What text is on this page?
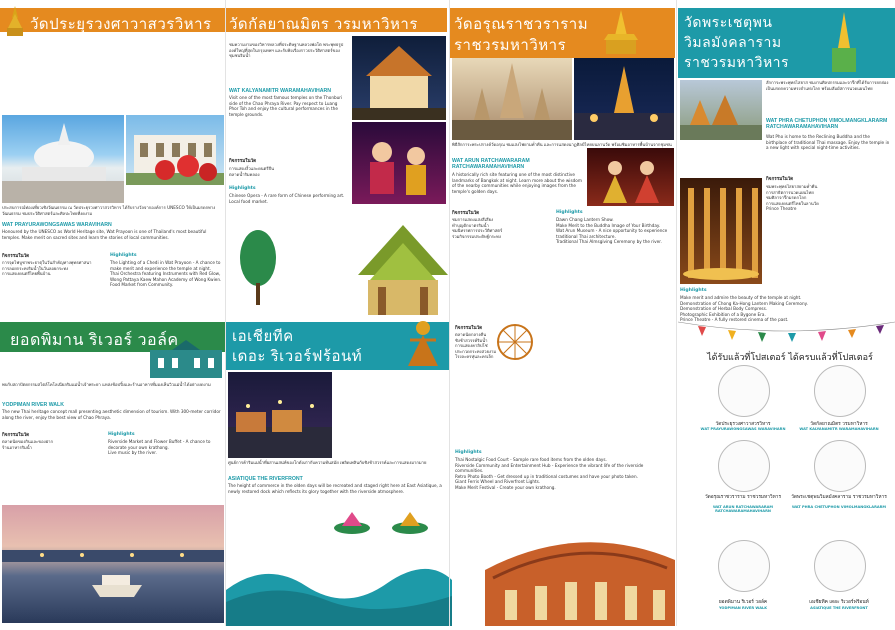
วัดประยุรวงศาวาสวรวิหาร
ประสบการณ์ท่องเที่ยวเชิงวัฒนธรรม ณ วัดประยุรวงศาวาสวรวิหาร ได้รับรางวัลจากองค์การ UNESCO ให้เป็นมรดกทางวัฒนธรรม ชมประวัติศาสตร์และศิลปะไทยที่งดงาม
WAT PRAYURAWONGSAWAS WARAVIHARN
Honoured by the UNESCO as World Heritage site, Wat Prayoon is one of Thailand's most beautiful temples. Make merit on sacred sites and learn the stories of local communities.
กิจกรรมในวัด
การจุดไฟบูชาพระธาตุในวันสำคัญทางพุทธศาสนา
การลอยกระทงริมน้ำในวันลอยกระทง
การแสดงดนตรีไทยพื้นบ้าน
Highlights
The Lighting of a Chedi in Wat Prayoon - A chance to make merit and experience the temple at night.
Thai Orchestra featuring Instruments with Red Glow, Wong Pattaya Kaew Mahon Academy of Wong Kwien.
Food Market from Community.
วัดกัลยาณมิตร วรมหาวิหาร
ชมความงามของวิหารหลวงที่ประดิษฐานหลวงพ่อโต พระพุทธรูปองค์ใหญ่ที่สุดในกรุงเทพฯ และรับฟังเรื่องราวประวัติศาสตร์ของชุมชนริมน้ำ
WAT KALYANAMITR WARAMAHAVIHARN
Visit one of the most famous temples on the Thonburi side of the Chao Phraya River. Pay respect to Luang Phor Toh and enjoy the cultural performances in the temple grounds.
กิจกรรมในวัด
การแสดงงิ้วและดนตรีจีน
ตลาดน้ำริมคลอง
Highlights
Chinese Opera - A rare form of Chinese performing art.
Local food market.
วัดอรุณราชวราราม
ราชวรมหาวิหาร
พิธีสักการะพระปรางค์วัดอรุณ ชมแสงไฟยามค่ำคืน และการแสดงนาฏศิลป์ไทยบนลานวัด พร้อมชิมอาหารพื้นบ้านจากชุมชน
WAT ARUN RATCHAWARARAM RATCHAWARAMAHAVIHARN
A historically rich site featuring one of the most distinctive landmarks of Bangkok at night. Learn more about the wisdom of the nearby communities while enjoying images from the temple's golden days.
กิจกรรมในวัด
ชมการแสดงแสงสีเสียง
ทำบุญตักบาตรริมน้ำ
ชมนิทรรศการประวัติศาสตร์
ร่วมกิจกรรมประดิษฐ์กระทง
Highlights
Dawn Chang Lantern Show.
Make Merit to the Buddha Image of Your Birthday.
Wat Arun Museum - A nice opportunity to experience traditional Thai architecture.
Traditional Thai Almsgiving Ceremony by the river.
วัดพระเชตุพน
วิมลมังคลาราม
ราชวรมหาวิหาร
สักการะพระพุทธไสยาส ชมงานศิลปกรรมและจารึกที่ได้รับการยกย่องเป็นมรดกความทรงจำแห่งโลก พร้อมสัมผัสการนวดแผนไทย
WAT PHRA CHETUPHON VIMOLMANGKLARARM RATCHAWARAMAHAVIHARN
Wat Pho is home to the Reclining Buddha and the birthplace of traditional Thai massage. Enjoy the temple in a new light with special night-time activities.
กิจกรรมในวัด
ชมพระพุทธไสยาสยามค่ำคืน
การสาธิตการนวดแผนไทย
ชมศิลาจารึกมรดกโลก
การแสดงดนตรีไทยในลานวัด
Prince Theatre
Highlights
Make merit and admire the beauty of the temple at night.
Demonstration of Chong Ka-Hong Lantern Making Ceremony.
Demonstration of Herbal Body Compress.
Photographic Exhibition of a Bygone Era.
Prince Theatre - A fully restored cinema of the past.
ยอดพิมาน ริเวอร์ วอล์ค
พบกับสถาปัตยกรรมสไตล์โคโลเนียลริมแม่น้ำเจ้าพระยา แหล่งช้อปปิ้งและร้านอาหารที่มองเห็นวิวแม่น้ำได้อย่างงดงาม
YODPIMAN RIVER WALK
The new Thai heritage concept mall presenting aesthetic dimension of tourism. With 300-meter corridor along the river, enjoy the best view of Chao Phraya.
กิจกรรมในวัด
ตลาดนัดของกินและของฝาก
ร้านอาหารริมน้ำ
Highlights
Riverside Market and Flower Buffet - A chance to decorate your own krathong.
Live music by the river.
เอเชียทีค
เดอะ ริเวอร์ฟร้อนท์
ศูนย์การค้าริมแม่น้ำที่ผสานเสน่ห์ของโกดังเก่ากับความทันสมัย เพลิดเพลินกับชิงช้าสวรรค์และการแสดงมากมาย
ASIATIQUE THE RIVERFRONT
The height of commerce in the olden days will be recreated and staged right here at East Asiatique, a newly restored dock which reflects its glory together with the riverside atmosphere.
กิจกรรมในวัด
ตลาดนัดกลางคืน
ชิงช้าสวรรค์ริมน้ำ
การแสดงคาลิปโซ่
ประกวดกระทงสวยงาม
โรงละครหุ่นละครเล็ก
Highlights
Thai Nostalgic Food Court - Sample rare food items from the olden days.
Riverside Community and Entertainment Hub - Experience the vibrant life of the riverside communities.
Retro Photo Booth - Get dressed up in traditional costumes and have your photo taken.
Giant Ferris Wheel and Riverfront Lights.
Make Merit Festival - Create your own krathong.
ได้รับแล้วที่โปสเตอร์ ได้ครบแล้วที่โปสเตอร์
วัดประยุรวงศาวาสวรวิหาร
WAT PRAYURAWONGSAWAS WARAVIHARN
วัดกัลยาณมิตร วรมหาวิหาร
WAT KALYANAMITR WARAMAHAVIHARN
วัดอรุณราชวราราม ราชวรมหาวิหาร
WAT ARUN RATCHAWARARAM RATCHAWARAMAHAVIHARN
วัดพระเชตุพนวิมลมังคลาราม ราชวรมหาวิหาร
WAT PHRA CHETUPHON VIMOLMANGKLARARM
ยอดพิมาน ริเวอร์ วอล์ค
YODPIMAN RIVER WALK
เอเชียทีค เดอะ ริเวอร์ฟร้อนท์
ASIATIQUE THE RIVERFRONT
